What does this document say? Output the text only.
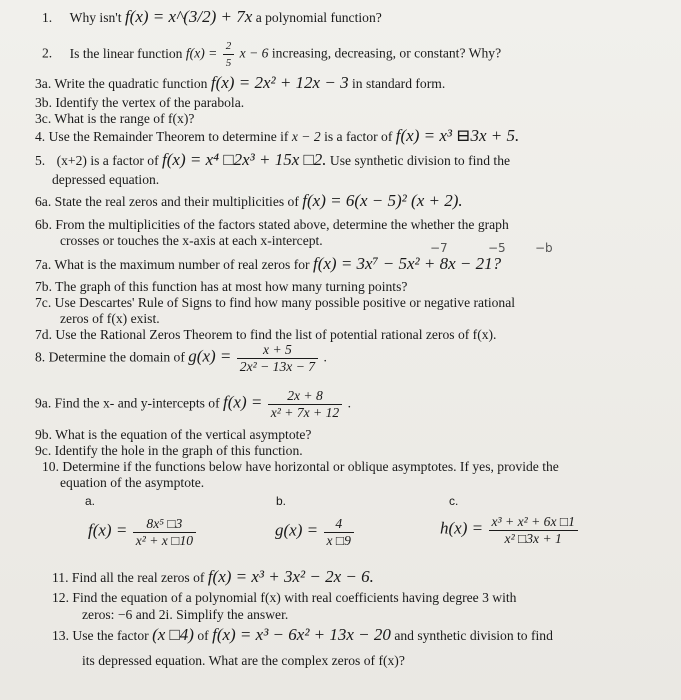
1. Why isn't f(x) = x^(3/2) + 7x a polynomial function?
2. Is the linear function $f(x) = \frac{2}{5}$ x − 6 increasing, decreasing, or constant? Why?
3a. Write the quadratic function f(x) = 2x² + 12x − 3 in standard form.
3b. Identify the vertex of the parabola.
3c. What is the range of f(x)?
4. Use the Remainder Theorem to determine if x − 2 is a factor of f(x) = x³ ⊟3x + 5.
5. (x+2) is a factor of f(x) = x⁴ □2x³ + 15x □2. Use synthetic division to find the
depressed equation.
6a. State the real zeros and their multiplicities of f(x) = 6(x − 5)² (x + 2).
6b. From the multiplicities of the factors stated above, determine the whether the graph
crosses or touches the x-axis at each x-intercept.	−7	−5 −b
7a. What is the maximum number of real zeros for f(x) = 3x⁷ − 5x² + 8x − 21?
7b. The graph of this function has at most how many turning points?
7c. Use Descartes' Rule of Signs to find how many possible positive or negative rational
zeros of f(x) exist.
7d. Use the Rational Zeros Theorem to find the list of potential rational zeros of f(x).
8. Determine the domain of $g(x) = \frac{x + 5}{\text{2x² − 13x − 7}}$ .
9a. Find the x- and y-intercepts of $f(x) = \frac{2x + 8}{\text{x² + 7x + 12}}$ .
9b. What is the equation of the vertical asymptote?
9c. Identify the hole in the graph of this function.
10. Determine if the functions below have horizontal or oblique asymptotes. If yes, provide the
equation of the asymptote.
a.	b.	c.
$f(x) = \frac{\text{8x⁵ □3}}{\text{x² + x □10}}$	$g(x) = \frac{4}{x □9}$	$h(x) = \frac{\text{x³ + x² + 6x □1}}{\text{x² □3x + 1}}$
11. Find all the real zeros of f(x) = x³ + 3x² − 2x − 6.
12. Find the equation of a polynomial f(x) with real coefficients having degree 3 with
zeros: −6 and 2i. Simplify the answer.
13. Use the factor (x □4) of f(x) = x³ − 6x² + 13x − 20 and synthetic division to find
its depressed equation. What are the complex zeros of f(x)?
